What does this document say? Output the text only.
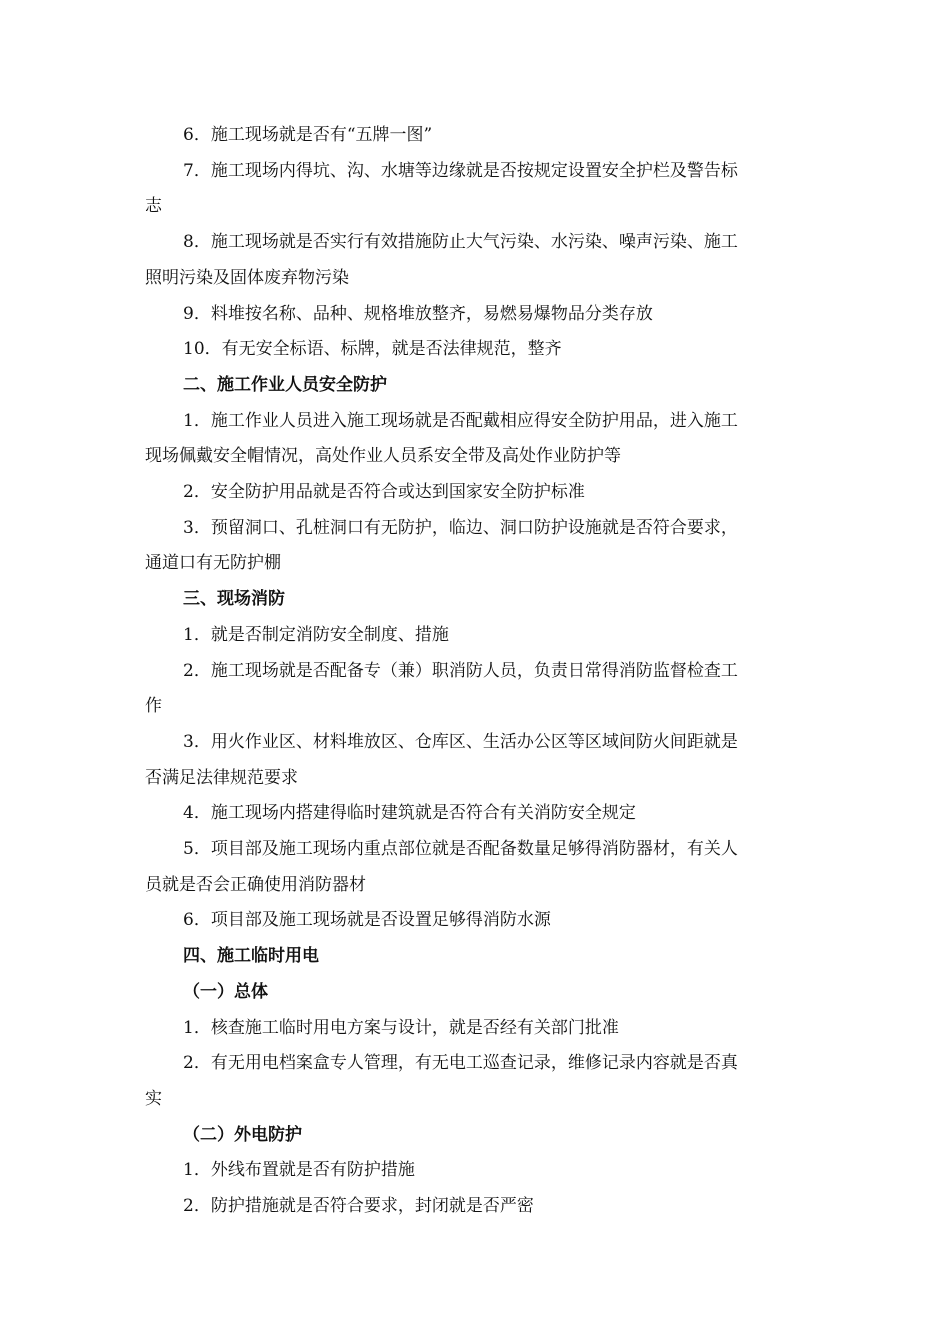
6．施工现场就是否有“五牌一图”

7．施工现场内得坑、沟、水塘等边缘就是否按规定设置安全护栏及警告标

志

8．施工现场就是否实行有效措施防止大气污染、水污染、噪声污染、施工

照明污染及固体废弃物污染

9．料堆按名称、品种、规格堆放整齐，易燃易爆物品分类存放

10．有无安全标语、标牌，就是否法律规范，整齐

二、施工作业人员安全防护

1．施工作业人员进入施工现场就是否配戴相应得安全防护用品，进入施工

现场佩戴安全帽情况，高处作业人员系安全带及高处作业防护等

2．安全防护用品就是否符合或达到国家安全防护标准

3．预留洞口、孔桩洞口有无防护，临边、洞口防护设施就是否符合要求，

通道口有无防护棚

三、现场消防

1．就是否制定消防安全制度、措施

2．施工现场就是否配备专（兼）职消防人员，负责日常得消防监督检查工

作

3．用火作业区、材料堆放区、仓库区、生活办公区等区域间防火间距就是

否满足法律规范要求

4．施工现场内搭建得临时建筑就是否符合有关消防安全规定

5．项目部及施工现场内重点部位就是否配备数量足够得消防器材，有关人

员就是否会正确使用消防器材

6．项目部及施工现场就是否设置足够得消防水源

四、施工临时用电

（一）总体

1．核查施工临时用电方案与设计，就是否经有关部门批准

2．有无用电档案盒专人管理，有无电工巡查记录，维修记录内容就是否真

实

（二）外电防护

1．外线布置就是否有防护措施

2．防护措施就是否符合要求，封闭就是否严密
